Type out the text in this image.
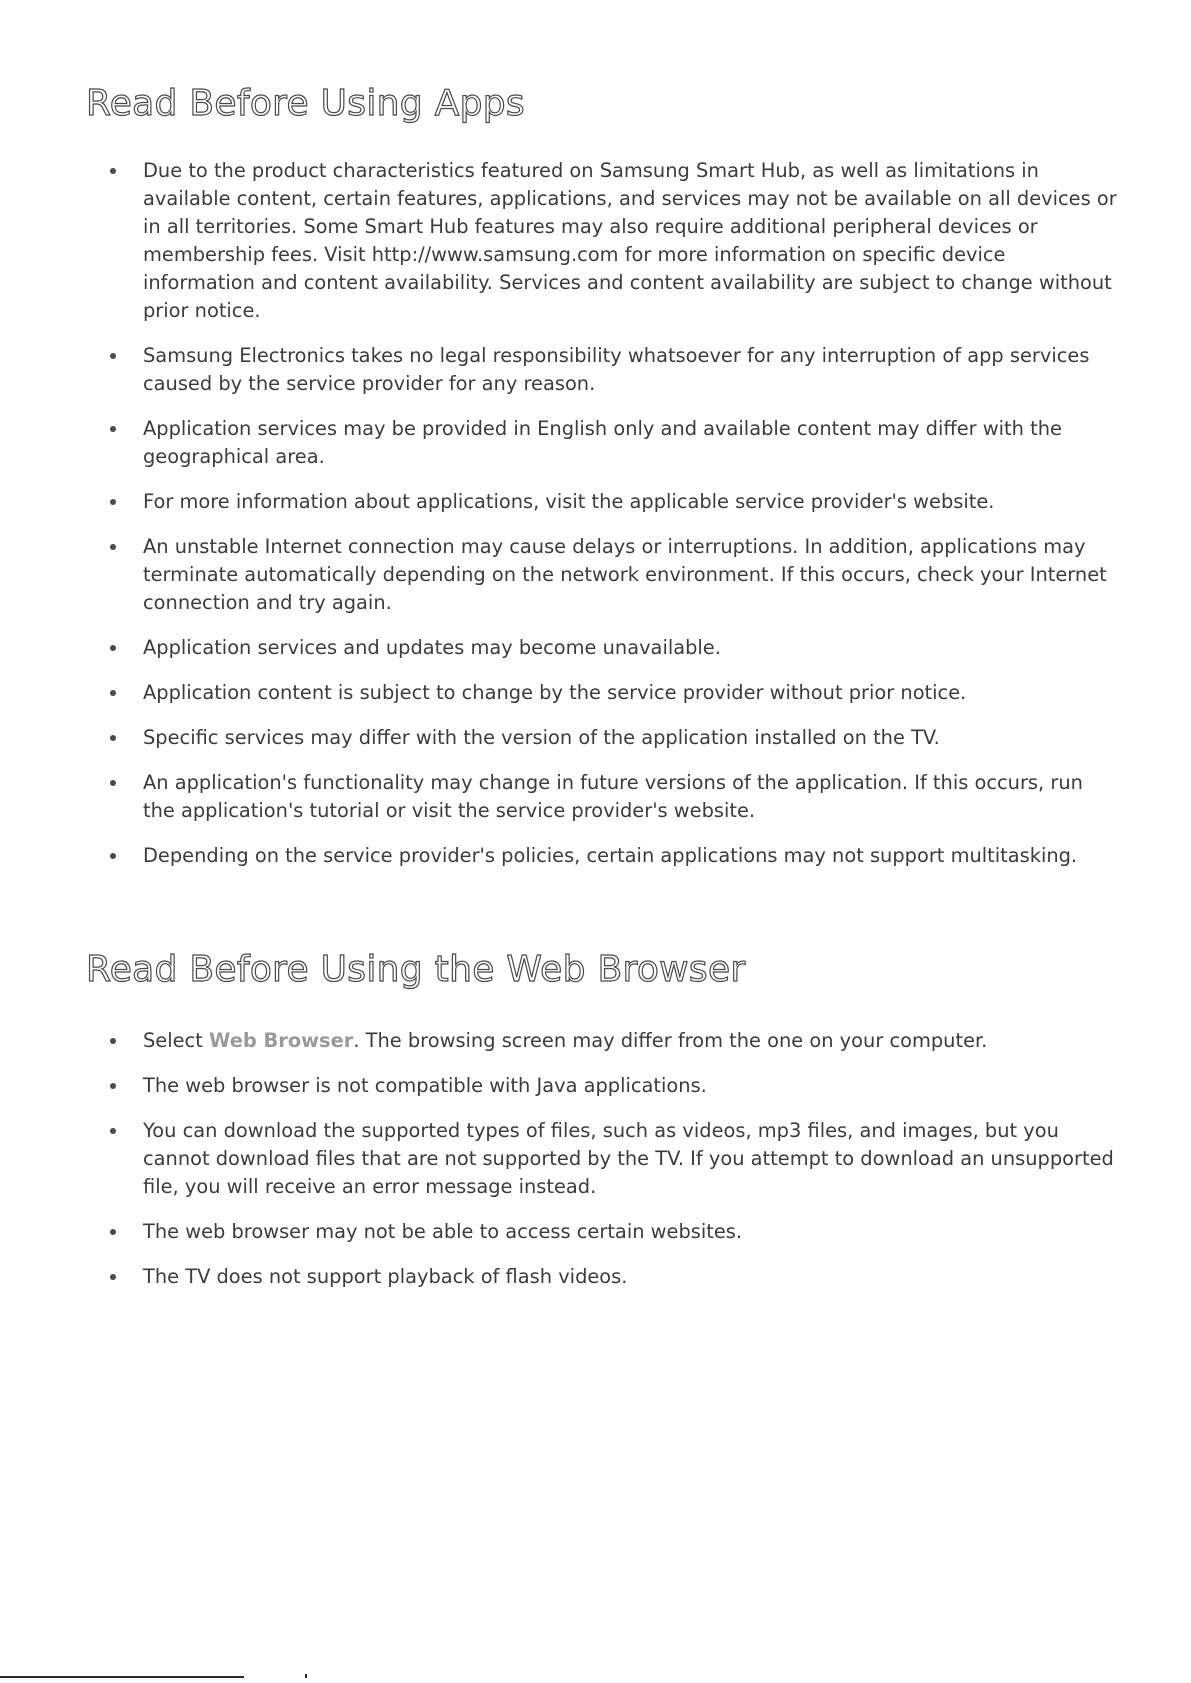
Read Before Using Apps
Due to the product characteristics featured on Samsung Smart Hub, as well as limitations in available content, certain features, applications, and services may not be available on all devices or in all territories. Some Smart Hub features may also require additional peripheral devices or membership fees. Visit http://www.samsung.com for more information on specific device information and content availability. Services and content availability are subject to change without prior notice.
Samsung Electronics takes no legal responsibility whatsoever for any interruption of app services caused by the service provider for any reason.
Application services may be provided in English only and available content may differ with the geographical area.
For more information about applications, visit the applicable service provider's website.
An unstable Internet connection may cause delays or interruptions. In addition, applications may terminate automatically depending on the network environment. If this occurs, check your Internet connection and try again.
Application services and updates may become unavailable.
Application content is subject to change by the service provider without prior notice.
Specific services may differ with the version of the application installed on the TV.
An application's functionality may change in future versions of the application. If this occurs, run the application's tutorial or visit the service provider's website.
Depending on the service provider's policies, certain applications may not support multitasking.
Read Before Using the Web Browser
Select Web Browser. The browsing screen may differ from the one on your computer.
The web browser is not compatible with Java applications.
You can download the supported types of files, such as videos, mp3 files, and images, but you cannot download files that are not supported by the TV. If you attempt to download an unsupported file, you will receive an error message instead.
The web browser may not be able to access certain websites.
The TV does not support playback of flash videos.
